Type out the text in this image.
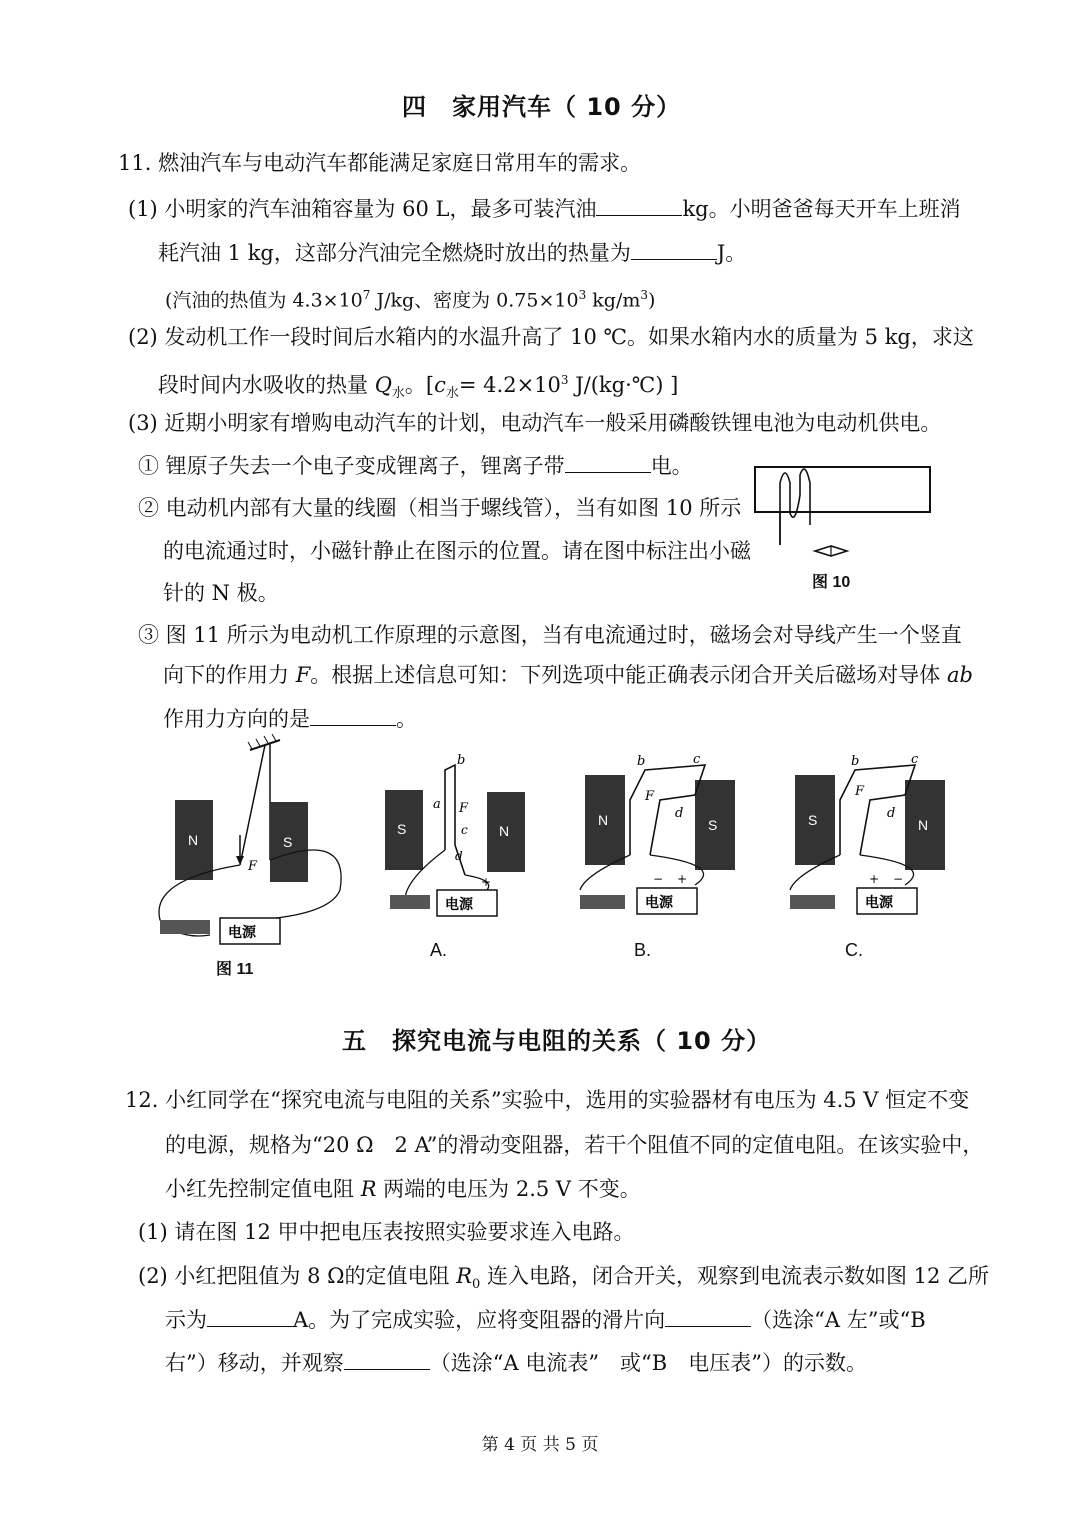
四　家用汽车（ 10 分）
11. 燃油汽车与电动汽车都能满足家庭日常用车的需求。
(1) 小明家的汽车油箱容量为 60 L，最多可装汽油	kg。小明爸爸每天开车上班消
耗汽油 1 kg，这部分汽油完全燃烧时放出的热量为	J。
(汽油的热值为 $4.3\times 10^7$ J/kg、密度为 $0.75\times 10^3$ $kg/m^3$)
(2) 发动机工作一段时间后水箱内的水温升高了 10 ℃。如果水箱内水的质量为 5 kg，求这
段时间内水吸收的热量 $Q_水$。[$c_水= 4.2\times 10^3$ J/(kg·℃) ]
(3) 近期小明家有增购电动汽车的计划，电动汽车一般采用磷酸铁锂电池为电动机供电。
① 锂原子失去一个电子变成锂离子，锂离子带	电。
② 电动机内部有大量的线圈（相当于螺线管），当有如图 10 所示
的电流通过时，小磁针静止在图示的位置。请在图中标注出小磁
针的 N 极。	图 10
③ 图 11 所示为电动机工作原理的示意图，当有电流通过时，磁场会对导线产生一个竖直
向下的作用力 F。根据上述信息可知：下列选项中能正确表示闭合开关后磁场对导体 ab
作用力方向的是	。
N	S
F
电源
图 11
S	N
b
a
c
d
F
电源
+
A.
N	S
b	c
d
F
电源
− +
B.
S	N
b	c
d
F
电源
+ −
C.
五　探究电流与电阻的关系（ 10 分）
12. 小红同学在“探究电流与电阻的关系”实验中，选用的实验器材有电压为 4.5 V 恒定不变
的电源，规格为“20 Ω　2 A”的滑动变阻器，若干个阻值不同的定值电阻。在该实验中，
小红先控制定值电阻 R 两端的电压为 2.5 V 不变。
(1) 请在图 12 甲中把电压表按照实验要求连入电路。
(2) 小红把阻值为 8 Ω的定值电阻 $R_0$ 连入电路，闭合开关，观察到电流表示数如图 12 乙所
示为	A。为了完成实验，应将变阻器的滑片向	（选涂“A 左”或“B
右”）移动，并观察	（选涂“A 电流表”　或“B　电压表”）的示数。
第 4 页 共 5 页
